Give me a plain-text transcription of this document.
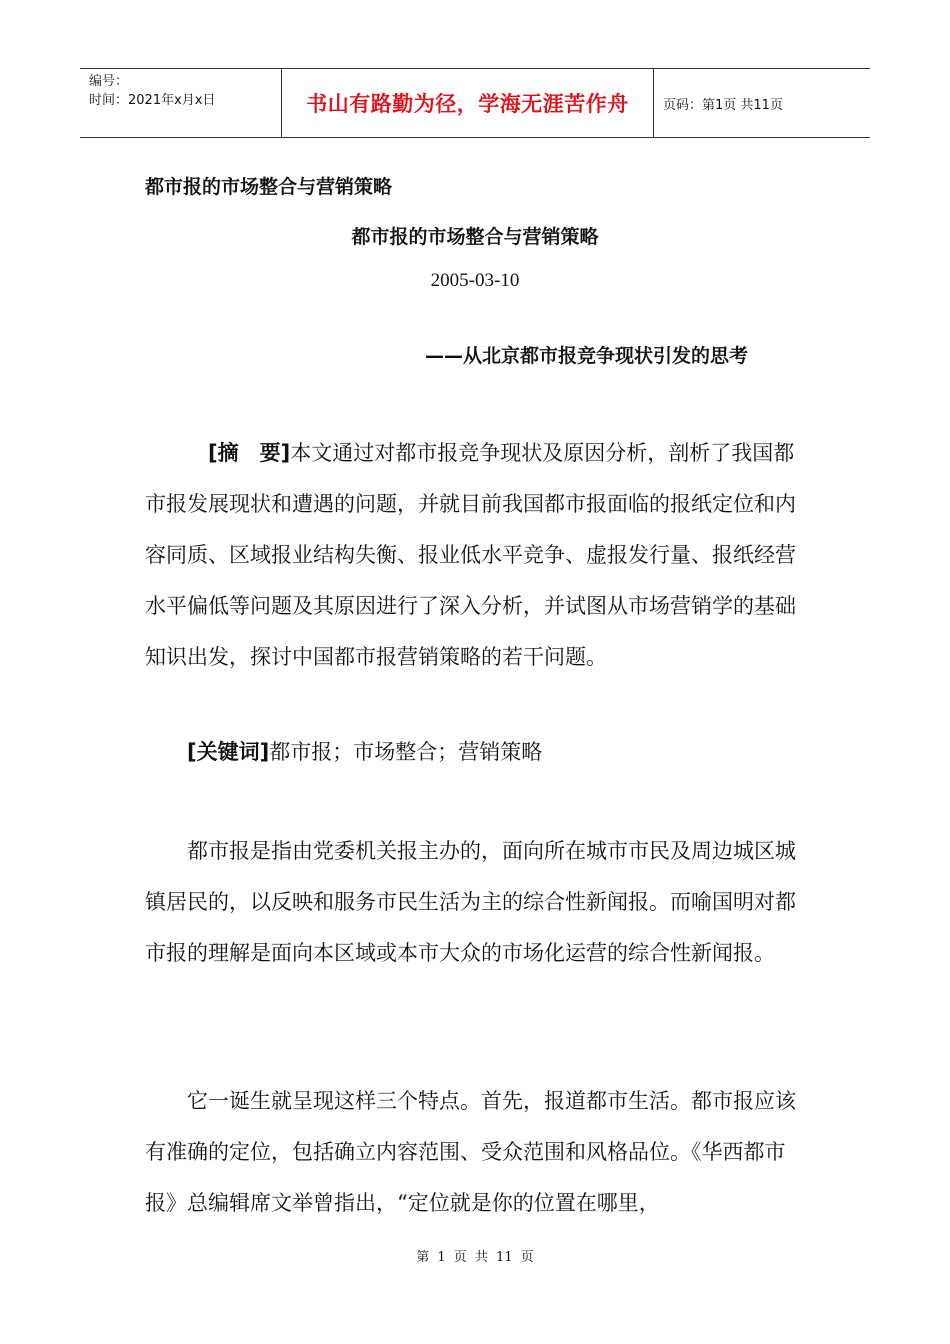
编号：
时间：2021年x月x日	书山有路勤为径，学海无涯苦作舟	页码：第1页 共11页
都市报的市场整合与营销策略
都市报的市场整合与营销策略
2005-03-10
——从北京都市报竞争现状引发的思考

[摘　要]本文通过对都市报竞争现状及原因分析，剖析了我国都市报发展现状和遭遇的问题，并就目前我国都市报面临的报纸定位和内容同质、区域报业结构失衡、报业低水平竞争、虚报发行量、报纸经营水平偏低等问题及其原因进行了深入分析，并试图从市场营销学的基础知识出发，探讨中国都市报营销策略的若干问题。

[关键词]都市报；市场整合；营销策略

都市报是指由党委机关报主办的，面向所在城市市民及周边城区城镇居民的，以反映和服务市民生活为主的综合性新闻报。而喻国明对都市报的理解是面向本区域或本市大众的市场化运营的综合性新闻报。

它一诞生就呈现这样三个特点。首先，报道都市生活。都市报应该有准确的定位，包括确立内容范围、受众范围和风格品位。《华西都市报》总编辑席文举曾指出，“定位就是你的位置在哪里，

第 1 页 共 11 页
